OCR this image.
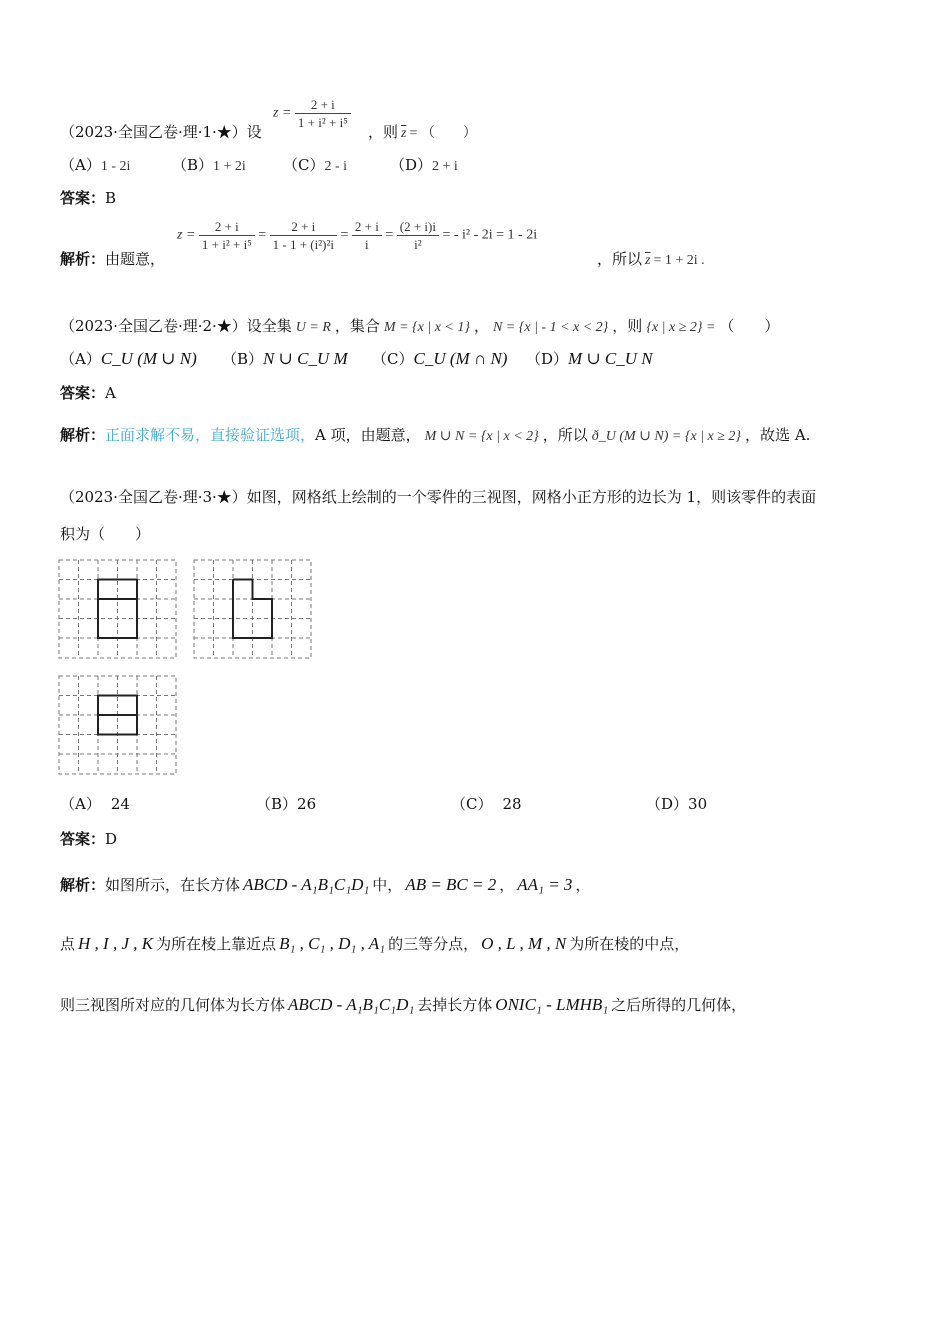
（2023·全国乙卷·理·1·★）设
$z = \frac{2 + i}{\text{1 + i² + i⁵}}$
，则 $\overline{z}$ = （　　）
（A）1 - 2i	（B）1 + 2i （C）2 - i	（D）2 + i
答案：B
解析：由题意，
$z = \frac{2 + i}{\text{1 + i² + i⁵}} = \frac{2 + i}{\text{1 - 1 + (i²)²i}} = \frac{2 + i}{i} = \frac{(2 + i)i}{\text{i²}}$ = - i² - 2i = 1 - 2i
，所以 $\overline{z} = 1 + 2i$ .
（2023·全国乙卷·理·2·★）设全集 U = R ，集合 M = {x | x < 1} ， N = {x | - 1 < x < 2} ，则 {x | x ≥ 2} = （　　）
（A）C_U (M ∪ N) （B）N ∪ C_U M （C）C_U (M ∩ N) （D）M ∪ C_U N
答案：A
解析：正面求解不易，直接验证选项，A 项，由题意， M ∪ N = {x | x < 2} ，所以 ð_U (M ∪ N) = {x | x ≥ 2} ，故选 A.
（2023·全国乙卷·理·3·★）如图，网格纸上绘制的一个零件的三视图，网格小正方形的边长为 1，则该零件的表面
积为（　　）
（A） 24	（B）26	（C） 28	（D）30
答案：D
解析：如图所示，在长方体 ABCD - A₁B₁C₁D₁ 中， AB = BC = 2 ， AA₁ = 3 ，
点 H , I , J , K 为所在棱上靠近点 B₁ , C₁ , D₁ , A₁ 的三等分点， O , L , M , N 为所在棱的中点，
则三视图所对应的几何体为长方体 ABCD - A₁B₁C₁D₁ 去掉长方体 ONIC₁ - LMHB₁ 之后所得的几何体，
